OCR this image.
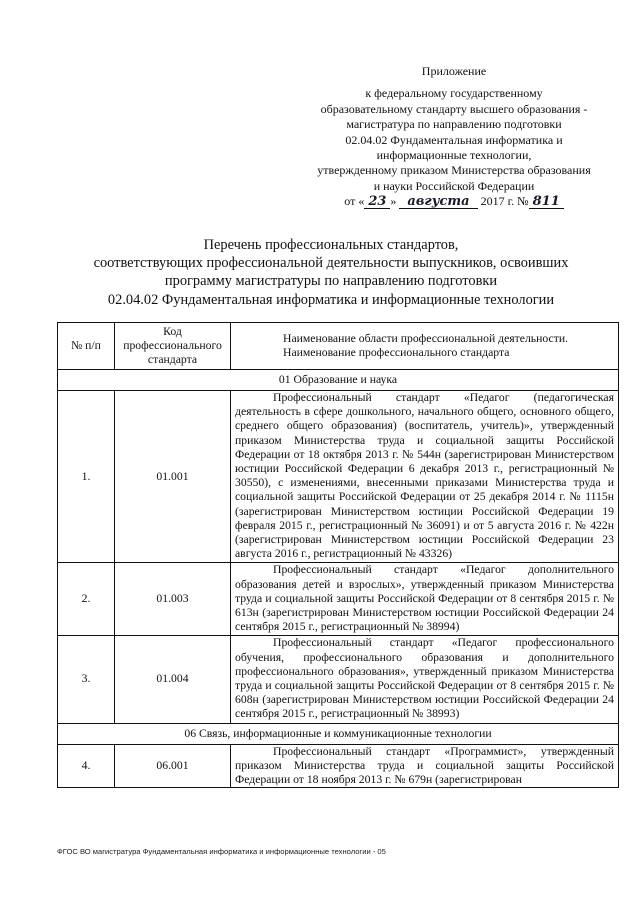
Приложение
к федеральному государственному
образовательному стандарту высшего образования -
магистратура по направлению подготовки
02.04.02 Фундаментальная информатика и
информационные технологии,
утвержденному приказом Министерства образования
и науки Российской Федерации
от « 23 »
августа
2017 г. № 811
Перечень профессиональных стандартов,
соответствующих профессиональной деятельности выпускников, освоивших
программу магистратуры по направлению подготовки
02.04.02 Фундаментальная информатика и информационные технологии
№ п/п	Код профессионального стандарта	Наименование области профессиональной деятельности. Наименование профессионального стандарта
01 Образование и наука		
1.	01.001	Профессиональный стандарт «Педагог (педагогическая деятельность в сфере дошкольного, начального общего, основного общего, среднего общего образования) (воспитатель, учитель)», утвержденный приказом Министерства труда и социальной защиты Российской Федерации от 18 октября 2013 г. № 544н (зарегистрирован Министерством юстиции Российской Федерации 6 декабря 2013 г., регистрационный № 30550), с изменениями, внесенными приказами Министерства труда и социальной защиты Российской Федерации от 25 декабря 2014 г. № 1115н (зарегистрирован Министерством юстиции Российской Федерации 19 февраля 2015 г., регистрационный № 36091) и от 5 августа 2016 г. № 422н (зарегистрирован Министерством юстиции Российской Федерации 23 августа 2016 г., регистрационный № 43326)
2.	01.003	Профессиональный стандарт «Педагог дополнительного образования детей и взрослых», утвержденный приказом Министерства труда и социальной защиты Российской Федерации от 8 сентября 2015 г. № 613н (зарегистрирован Министерством юстиции Российской Федерации 24 сентября 2015 г., регистрационный № 38994)
3.	01.004	Профессиональный стандарт «Педагог профессионального обучения, профессионального образования и дополнительного профессионального образования», утвержденный приказом Министерства труда и социальной защиты Российской Федерации от 8 сентября 2015 г. № 608н (зарегистрирован Министерством юстиции Российской Федерации 24 сентября 2015 г., регистрационный № 38993)
06 Связь, информационные и коммуникационные технологии		
4.	06.001	Профессиональный стандарт «Программист», утвержденный приказом Министерства труда и социальной защиты Российской Федерации от 18 ноября 2013 г. № 679н (зарегистрирован
ФГОС ВО магистратура Фундаментальная информатика и информационные технологии - 05
